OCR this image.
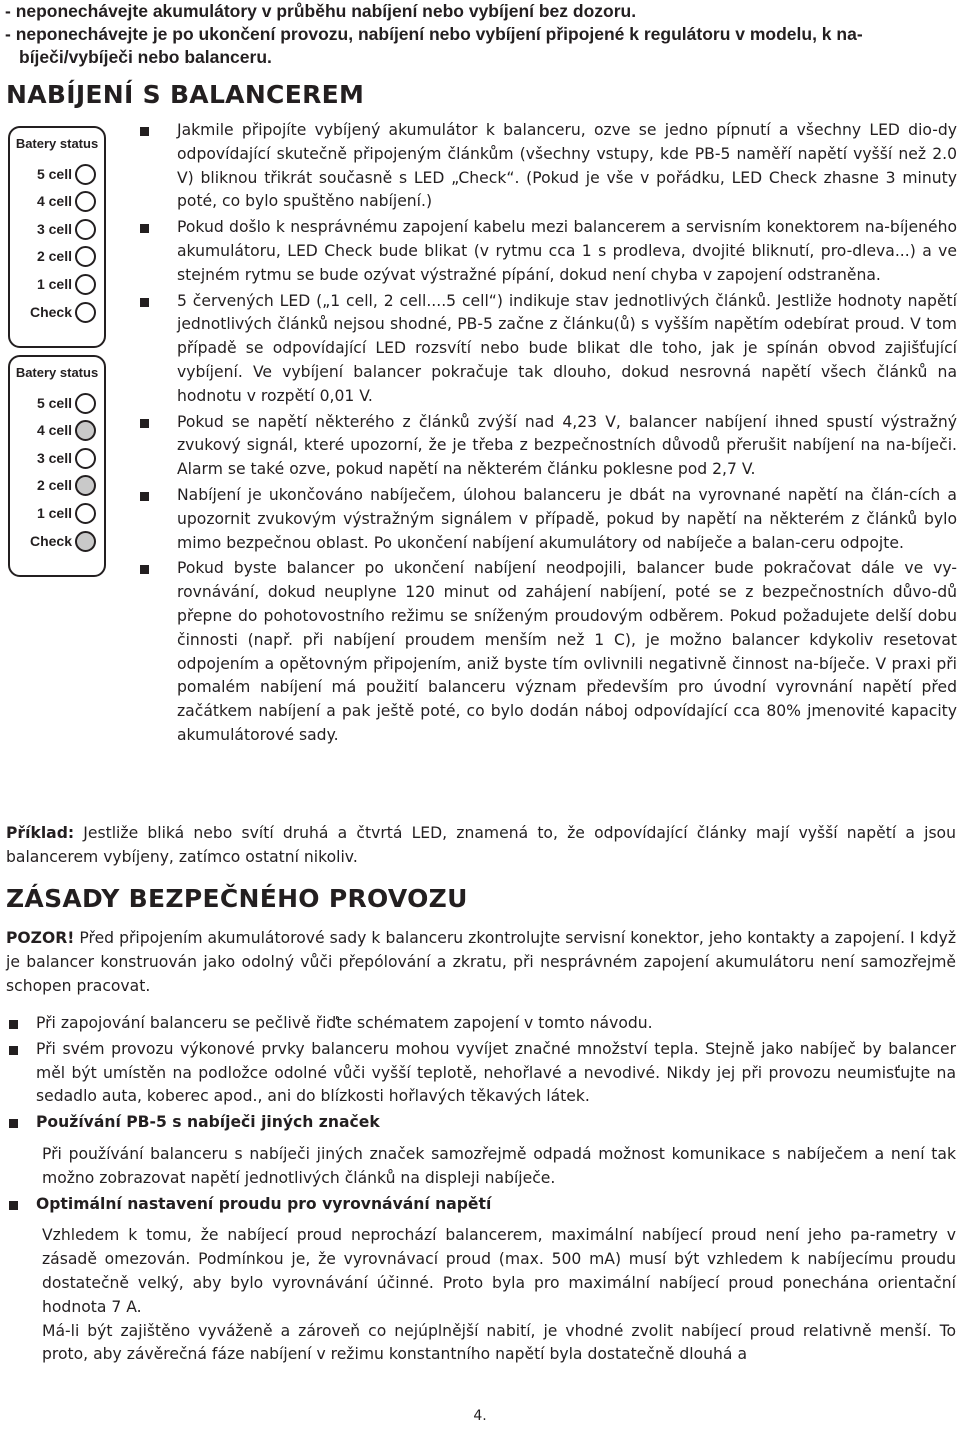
- neponechávejte akumulátory v průběhu nabíjení nebo vybíjení bez dozoru.
- neponechávejte je po ukončení provozu, nabíjení nebo vybíjení připojené k regulátoru v modelu, k na-
bíječi/vybíječi nebo balanceru.
NABÍJENÍ S BALANCEREM
Batery status
5 cell
4 cell
3 cell
2 cell
1 cell
Check
Batery status
5 cell
4 cell
3 cell
2 cell
1 cell
Check
Jakmile připojíte vybíjený akumulátor k balanceru, ozve se jedno pípnutí a všechny LED dio-dy odpovídající skutečně připojeným článkům (všechny vstupy, kde PB-5 naměří napětí vyšší než 2.0 V) bliknou třikrát současně s LED „Check“. (Pokud je vše v pořádku, LED Check zhasne 3 minuty poté, co bylo spuštěno nabíjení.)
Pokud došlo k nesprávnému zapojení kabelu mezi balancerem a servisním konektorem na-bíjeného akumulátoru, LED Check bude blikat (v rytmu cca 1 s prodleva, dvojité bliknutí, pro-dleva...) a ve stejném rytmu se bude ozývat výstražné pípání, dokud není chyba v zapojení odstraněna.
5 červených LED („1 cell, 2 cell....5 cell“) indikuje stav jednotlivých článků. Jestliže hodnoty napětí jednotlivých článků nejsou shodné, PB-5 začne z článku(ů) s vyšším napětím odebírat proud. V tom případě se odpovídající LED rozsvítí nebo bude blikat dle toho, jak je spínán obvod zajišťující vybíjení. Ve vybíjení balancer pokračuje tak dlouho, dokud nesrovná napětí všech článků na hodnotu v rozpětí 0,01 V.
Pokud se napětí některého z článků zvýší nad 4,23 V, balancer nabíjení ihned spustí výstražný zvukový signál, které upozorní, že je třeba z bezpečnostních důvodů přerušit nabíjení na na-bíječi. Alarm se také ozve, pokud napětí na některém článku poklesne pod 2,7 V.
Nabíjení je ukončováno nabíječem, úlohou balanceru je dbát na vyrovnané napětí na člán-cích a upozornit zvukovým výstražným signálem v případě, pokud by napětí na některém z článků bylo mimo bezpečnou oblast. Po ukončení nabíjení akumulátory od nabíječe a balan-ceru odpojte.
Pokud byste balancer po ukončení nabíjení neodpojili, balancer bude pokračovat dále ve vy-rovnávání, dokud neuplyne 120 minut od zahájení nabíjení, poté se z bezpečnostních důvo-dů přepne do pohotovostního režimu se sníženým proudovým odběrem. Pokud požadujete delší dobu činnosti (např. při nabíjení proudem menším než 1 C), je možno balancer kdykoliv resetovat odpojením a opětovným připojením, aniž byste tím ovlivnili negativně činnost na-bíječe. V praxi při pomalém nabíjení má použití balanceru význam především pro úvodní vyrovnání napětí před začátkem nabíjení a pak ještě poté, co bylo dodán náboj odpovídající cca 80% jmenovité kapacity akumulátorové sady.
Příklad: Jestliže bliká nebo svítí druhá a čtvrtá LED, znamená to, že odpovídající články mají vyšší napětí a jsou balancerem vybíjeny, zatímco ostatní nikoliv.
ZÁSADY BEZPEČNÉHO PROVOZU
POZOR! Před připojením akumulátorové sady k balanceru zkontrolujte servisní konektor, jeho kontakty a zapojení. I když je balancer konstruován jako odolný vůči přepólování a zkratu, při nesprávném zapojení akumulátoru není samozřejmě schopen pracovat.
Při zapojování balanceru se pečlivě řiďte schématem zapojení v tomto návodu.
Při svém provozu výkonové prvky balanceru mohou vyvíjet značné množství tepla. Stejně jako nabíječ by balancer měl být umístěn na podložce odolné vůči vyšší teplotě, nehořlavé a nevodivé. Nikdy jej při provozu neumisťujte na sedadlo auta, koberec apod., ani do blízkosti hořlavých těkavých látek.
Používání PB-5 s nabíječi jiných značek
Při používání balanceru s nabíječi jiných značek samozřejmě odpadá možnost komunikace s nabíječem a není tak možno zobrazovat napětí jednotlivých článků na displeji nabíječe.
Optimální nastavení proudu pro vyrovnávání napětí
Vzhledem k tomu, že nabíjecí proud neprochází balancerem, maximální nabíjecí proud není jeho pa-rametry v zásadě omezován. Podmínkou je, že vyrovnávací proud (max. 500 mA) musí být vzhledem k nabíjecímu proudu dostatečně velký, aby bylo vyrovnávání účinné. Proto byla pro maximální nabíjecí proud ponechána orientační hodnota 7 A.
Má-li být zajištěno vyváženě a zároveň co nejúplnější nabití, je vhodné zvolit nabíjecí proud relativně menší. To proto, aby závěrečná fáze nabíjení v režimu konstantního napětí byla dostatečně dlouhá a
4.
